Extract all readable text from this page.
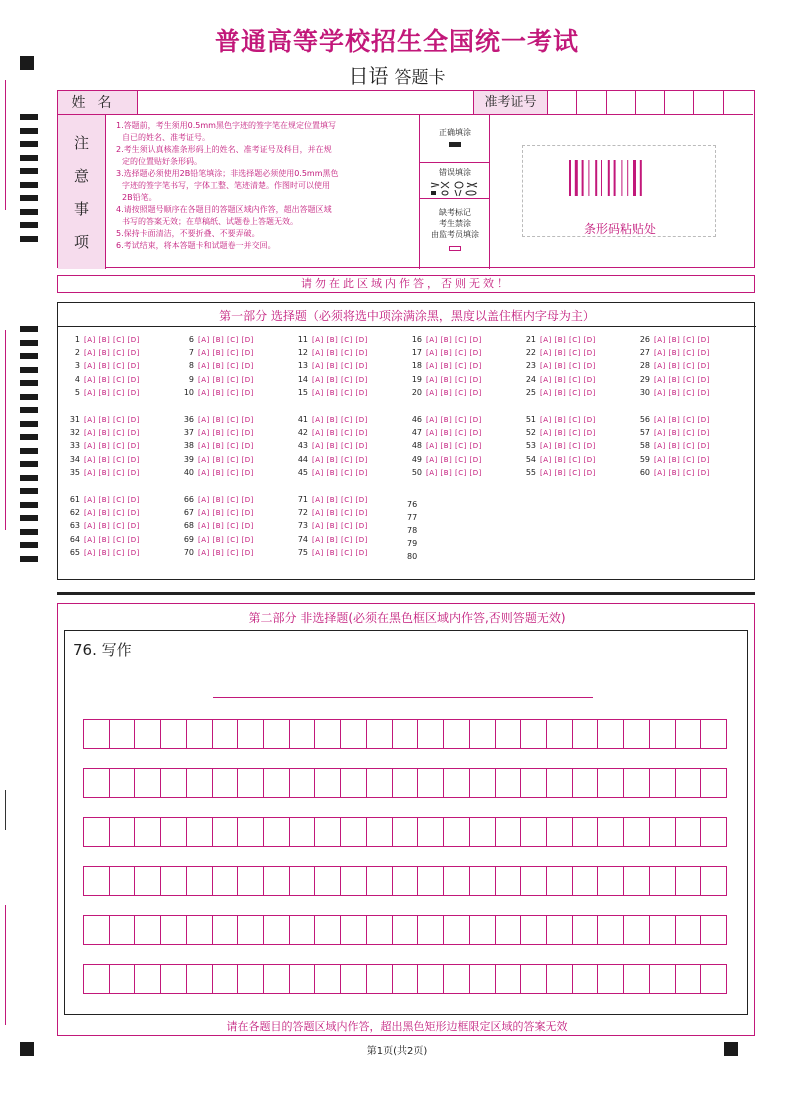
普通高等学校招生全国统一考试
日语 答题卡
姓名	准考证号
注
意
事
项
1.答题前，考生须用0.5mm黑色字迹的签字笔在规定位置填写
自已的姓名、准考证号。
2.考生须认真核准条形码上的姓名、准考证号及科目，并在规
定的位置贴好条形码。
3.选择题必须使用2B铅笔填涂；非选择题必须使用0.5mm黑色
字迹的签字笔书写，字体工整、笔迹清楚。作图时可以使用
2B铅笔。
4.请按照题号顺序在各题目的答题区域内作答，超出答题区域
书写的答案无效；在草稿纸、试题卷上答题无效。
5.保持卡面清洁，不要折叠、不要弄破。
6.考试结束，将本答题卡和试题卷一并交回。
正确填涂
错误填涂
缺考标记
考生禁涂
由监考员填涂	条形码粘贴处
请勿在此区域内作答，否则无效！
第一部分 选择题（必须将选中项涂满涂黑，黑度以盖住框内字母为主）
1 [A] [B] [C] [D]
2 [A] [B] [C] [D]
3 [A] [B] [C] [D]
4 [A] [B] [C] [D]
5 [A] [B] [C] [D]
6 [A] [B] [C] [D]
7 [A] [B] [C] [D]
8 [A] [B] [C] [D]
9 [A] [B] [C] [D]
10 [A] [B] [C] [D]
11 [A] [B] [C] [D]
12 [A] [B] [C] [D]
13 [A] [B] [C] [D]
14 [A] [B] [C] [D]
15 [A] [B] [C] [D]
16 [A] [B] [C] [D]
17 [A] [B] [C] [D]
18 [A] [B] [C] [D]
19 [A] [B] [C] [D]
20 [A] [B] [C] [D]
21 [A] [B] [C] [D]
22 [A] [B] [C] [D]
23 [A] [B] [C] [D]
24 [A] [B] [C] [D]
25 [A] [B] [C] [D]
26 [A] [B] [C] [D]
27 [A] [B] [C] [D]
28 [A] [B] [C] [D]
29 [A] [B] [C] [D]
30 [A] [B] [C] [D]
31 [A] [B] [C] [D]
32 [A] [B] [C] [D]
33 [A] [B] [C] [D]
34 [A] [B] [C] [D]
35 [A] [B] [C] [D]
36 [A] [B] [C] [D]
37 [A] [B] [C] [D]
38 [A] [B] [C] [D]
39 [A] [B] [C] [D]
40 [A] [B] [C] [D]
41 [A] [B] [C] [D]
42 [A] [B] [C] [D]
43 [A] [B] [C] [D]
44 [A] [B] [C] [D]
45 [A] [B] [C] [D]
46 [A] [B] [C] [D]
47 [A] [B] [C] [D]
48 [A] [B] [C] [D]
49 [A] [B] [C] [D]
50 [A] [B] [C] [D]
51 [A] [B] [C] [D]
52 [A] [B] [C] [D]
53 [A] [B] [C] [D]
54 [A] [B] [C] [D]
55 [A] [B] [C] [D]
56 [A] [B] [C] [D]
57 [A] [B] [C] [D]
58 [A] [B] [C] [D]
59 [A] [B] [C] [D]
60 [A] [B] [C] [D]
61 [A] [B] [C] [D]
62 [A] [B] [C] [D]
63 [A] [B] [C] [D]
64 [A] [B] [C] [D]
65 [A] [B] [C] [D]
66 [A] [B] [C] [D]
67 [A] [B] [C] [D]
68 [A] [B] [C] [D]
69 [A] [B] [C] [D]
70 [A] [B] [C] [D]
71 [A] [B] [C] [D]
72 [A] [B] [C] [D]
73 [A] [B] [C] [D]
74 [A] [B] [C] [D]
75 [A] [B] [C] [D]
76
77
78
79
80
第二部分 非选择题(必须在黑色框区域内作答,否则答题无效)
76. 写作
请在各题目的答题区域内作答，超出黑色矩形边框限定区域的答案无效
第1页(共2页)
